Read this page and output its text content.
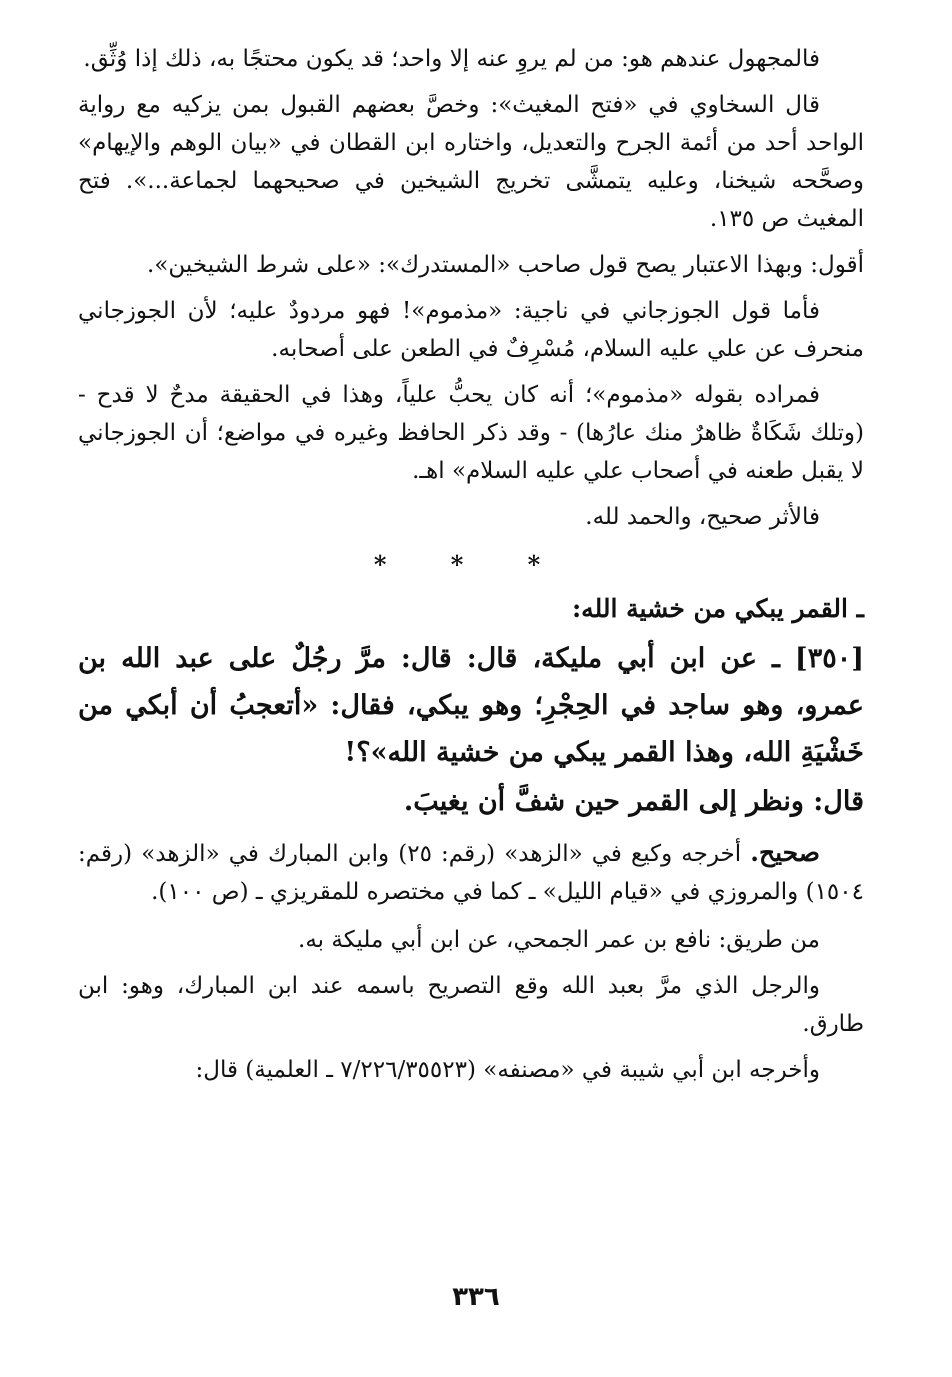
فالمجهول عندهم هو: من لم يروِ عنه إلا واحد؛ قد يكون محتجًا به، ذلك إذا وُثِّق.

قال السخاوي في «فتح المغيث»: وخصَّ بعضهم القبول بمن يزكيه مع رواية الواحد أحد من أئمة الجرح والتعديل، واختاره ابن القطان في «بيان الوهم والإيهام» وصحَّحه شيخنا، وعليه يتمشَّى تخريج الشيخين في صحيحهما لجماعة...». فتح المغيث ص ١٣٥.

أقول: وبهذا الاعتبار يصح قول صاحب «المستدرك»: «على شرط الشيخين».

فأما قول الجوزجاني في ناجية: «مذموم»! فهو مردودٌ عليه؛ لأن الجوزجاني منحرف عن علي عليه السلام، مُسْرِفٌ في الطعن على أصحابه.

فمراده بقوله «مذموم»؛ أنه كان يحبُّ علياً، وهذا في الحقيقة مدحٌ لا قدح - (وتلك شَكَاةٌ ظاهرٌ منك عارُها) - وقد ذكر الحافظ وغيره في مواضع؛ أن الجوزجاني لا يقبل طعنه في أصحاب علي عليه السلام» اهـ.

فالأثر صحيح، والحمد لله.

* * *
ـ القمر يبكي من خشية الله:

[٣٥٠] ـ عن ابن أبي مليكة، قال: قال: مرَّ رجُلٌ على عبد الله بن عمرو، وهو ساجد في الحِجْرِ؛ وهو يبكي، فقال: «أتعجبُ أن أبكي من خَشْيَةِ الله، وهذا القمر يبكي من خشية الله»؟!

قال: ونظر إلى القمر حين شفَّ أن يغيبَ.

صحيح. أخرجه وكيع في «الزهد» (رقم: ٢٥) وابن المبارك في «الزهد» (رقم: ١٥٠٤) والمروزي في «قيام الليل» ـ كما في مختصره للمقريزي ـ (ص ١٠٠).

من طريق: نافع بن عمر الجمحي، عن ابن أبي مليكة به.

والرجل الذي مرَّ بعبد الله وقع التصريح باسمه عند ابن المبارك، وهو: ابن طارق.

وأخرجه ابن أبي شيبة في «مصنفه» (٧/٢٢٦/٣٥٥٢٣ ـ العلمية) قال:

٣٣٦
